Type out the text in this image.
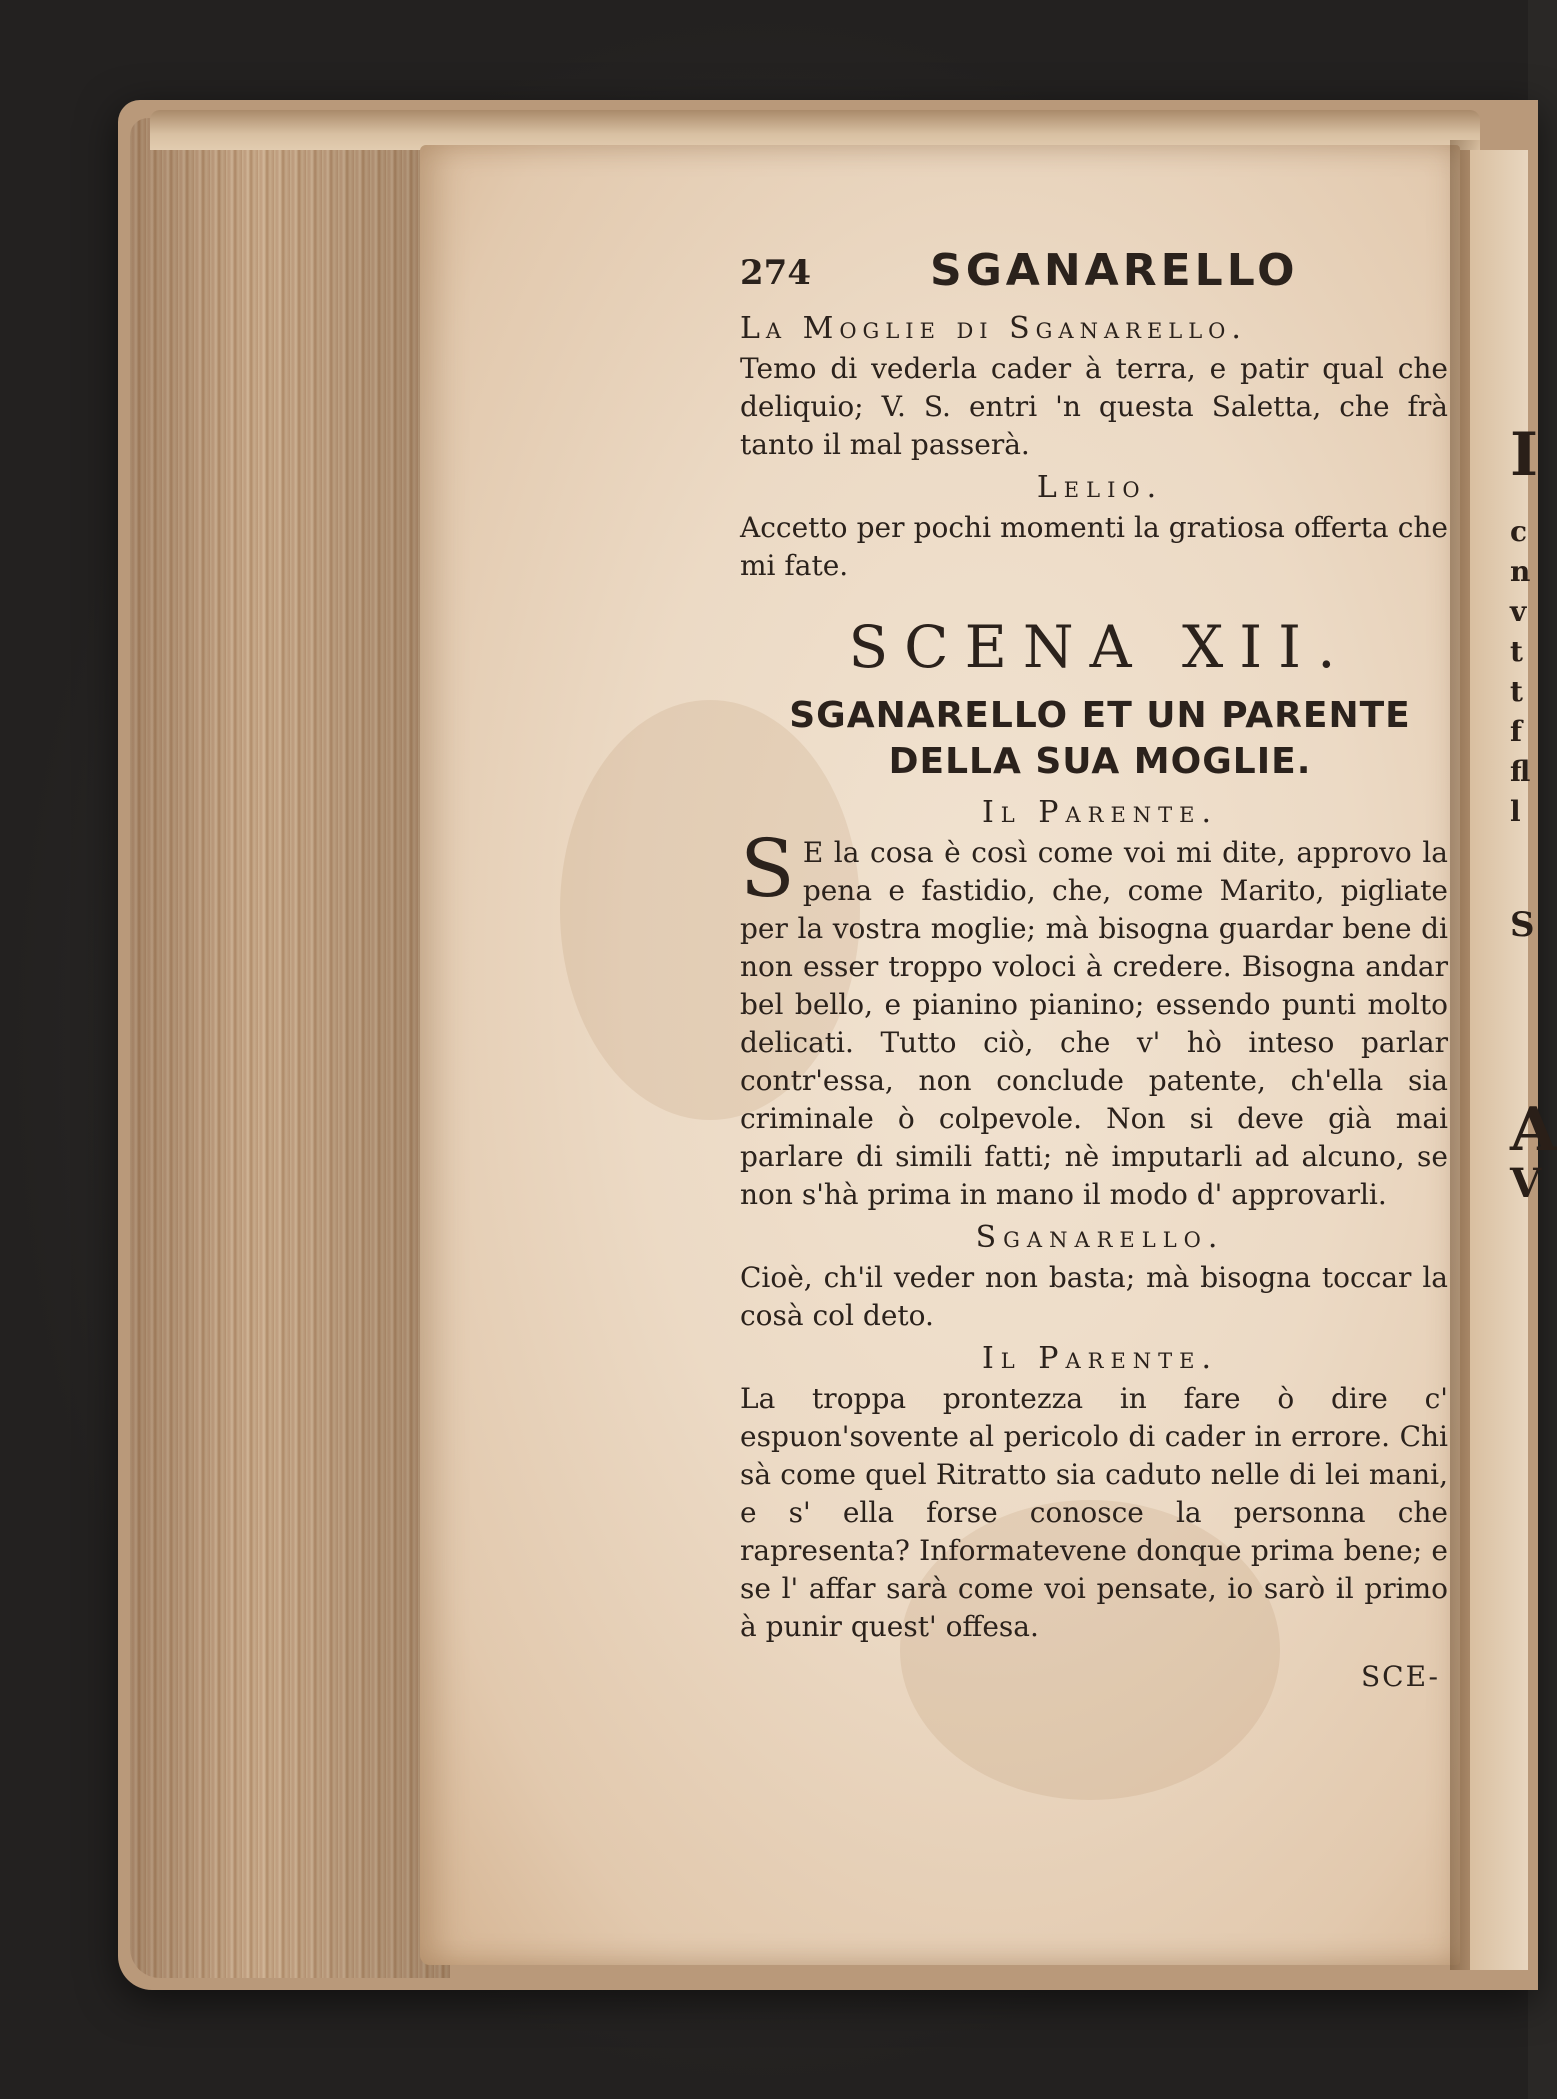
I
c
n
v
t
t
f
fl
l
S
A
V
274	SGANARELLO
La Moglie di Sganarello.

Temo di vederla cader à terra, e patir qual che deliquio; V. S. entri 'n questa Saletta, che frà tanto il mal passerà.

Lelio.

Accetto per pochi momenti la gratiosa offerta che mi fate.

SCENA XII.
SGANARELLO ET UN PARENTE DELLA SUA MOGLIE.
Il Parente.

S E la cosa è così come voi mi dite, approvo la pena e fastidio, che, come Marito, pigliate per la vostra moglie; mà bisogna guardar bene di non esser troppo voloci à credere. Bisogna andar bel bello, e pianino pianino; essendo punti molto delicati. Tutto ciò, che v' hò inteso parlar contr'essa, non conclude patente, ch'ella sia criminale ò colpevole. Non si deve già mai parlare di simili fatti; nè imputarli ad alcuno, se non s'hà prima in mano il modo d' approvarli.

Sganarello.

Cioè, ch'il veder non basta; mà bisogna toccar la cosà col deto.

Il Parente.

La troppa prontezza in fare ò dire c' espuon'sovente al pericolo di cader in errore. Chi sà come quel Ritratto sia caduto nelle di lei mani, e s' ella forse conosce la personna che rapresenta? Informatevene donque prima bene; e se l' affar sarà come voi pensate, io sarò il primo à punir quest' offesa.

SCE-
